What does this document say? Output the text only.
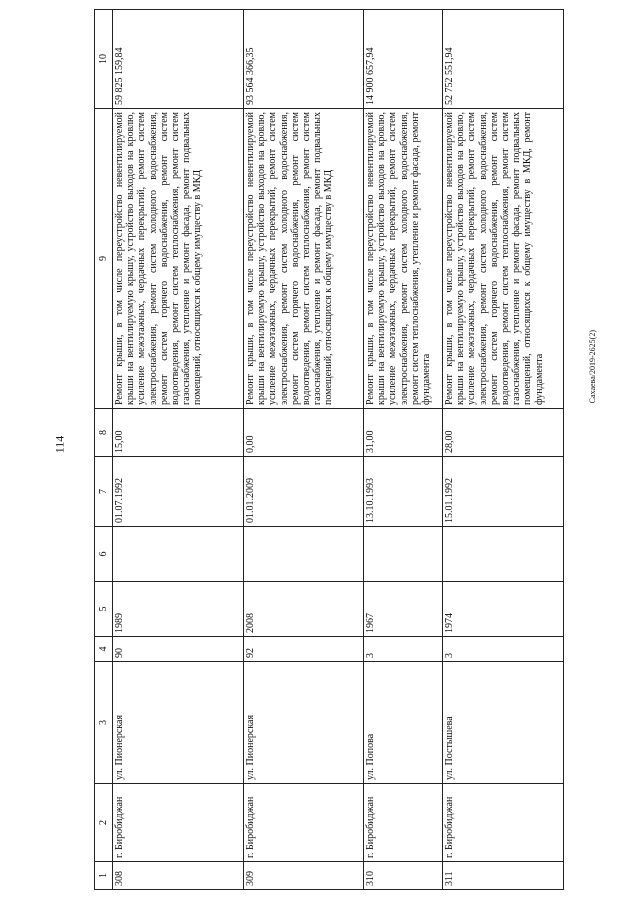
114
Сахаева/2019-2625(2)
1	2	3	4	5	6	7	8	9	10
308	г. Биробиджан	ул. Пионерская	90	1989		01.07.1992	15,00	Ремонт крыши, в том числе переустройство невентилируемой крыши на вентилируемую крышу, устройство выходов на кровлю, усиление межэтажных, чердачных перекрытий, ремонт систем электроснабжения, ремонт систем холодного водоснабжения, ремонт систем горячего водоснабжения, ремонт систем водоотведения, ремонт систем теплоснабжения, ремонт систем газоснабжения, утепление и ремонт фасада, ремонт подвальных помещений, относящихся к общему имуществу в МКД	59 825 159,84
309	г. Биробиджан	ул. Пионерская	92	2008		01.01.2009	0,00	Ремонт крыши, в том числе переустройство невентилируемой крыши на вентилируемую крышу, устройство выходов на кровлю, усиление межэтажных, чердачных перекрытий, ремонт систем электроснабжения, ремонт систем холодного водоснабжения, ремонт систем горячего водоснабжения, ремонт систем водоотведения, ремонт систем теплоснабжения, ремонт систем газоснабжения, утепление и ремонт фасада, ремонт подвальных помещений, относящихся к общему имуществу в МКД	93 564 366,35
310	г. Биробиджан	ул. Попова	3	1967		13.10.1993	31,00	Ремонт крыши, в том числе переустройство невентилируемой крыши на вентилируемую крышу, устройство выходов на кровлю, усиление межэтажных, чердачных перекрытий, ремонт систем электроснабжения, ремонт систем холодного водоснабжения, ремонт систем теплоснабжения, утепление и ремонт фасада, ремонт фундамента	14 900 657,94
311	г. Биробиджан	ул. Постышева	3	1974		15.01.1992	28,00	Ремонт крыши, в том числе переустройство невентилируемой крыши на вентилируемую крышу, устройство выходов на кровлю, усиление межэтажных, чердачных перекрытий, ремонт систем электроснабжения, ремонт систем холодного водоснабжения, ремонт систем горячего водоснабжения, ремонт систем водоотведения, ремонт систем теплоснабжения, ремонт систем газоснабжения, утепление и ремонт фасада, ремонт подвальных помещений, относящихся к общему имуществу в МКД, ремонт фундамента	52 752 551,94
